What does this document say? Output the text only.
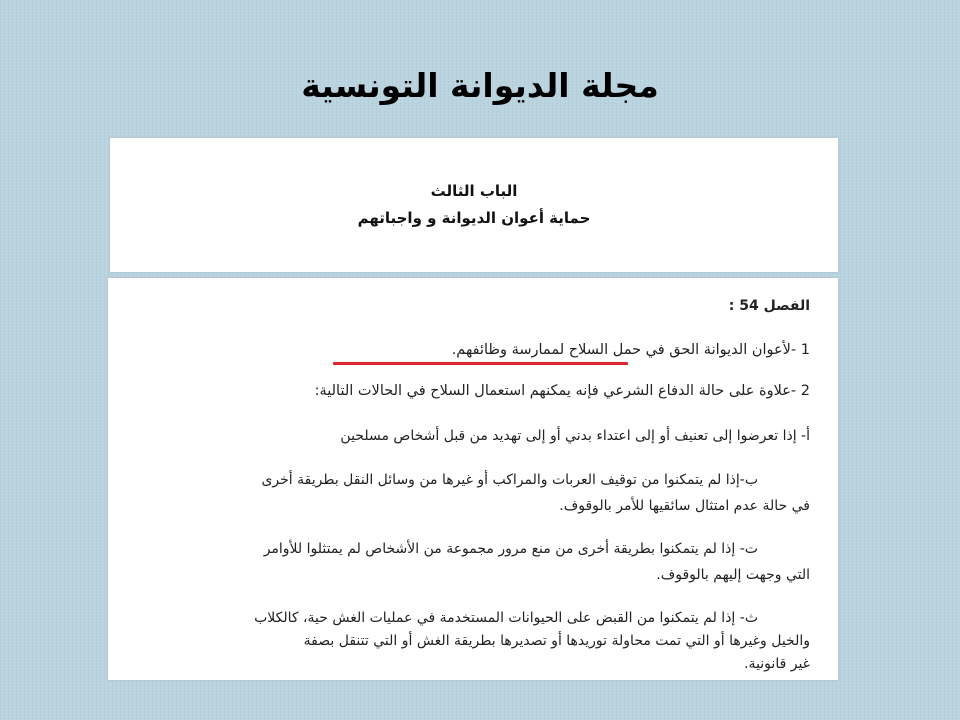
مجلة الديوانة التونسية
الباب الثالث
حماية أعوان الديوانة و واجباتهم
الفصل 54 :
1 -لأعوان الديوانة الحق في حمل السلاح لممارسة وظائفهم.
2 -علاوة على حالة الدفاع الشرعي فإنه يمكنهم استعمال السلاح في الحالات التالية:
أ- إذا تعرضوا إلى تعنيف أو إلى اعتداء بدني أو إلى تهديد من قبل أشخاص مسلحين
ب-إذا لم يتمكنوا من توقيف العربات والمراكب أو غيرها من وسائل النقل بطريقة أخرى
في حالة عدم امتثال سائقيها للأمر بالوقوف.
ت- إذا لم يتمكنوا بطريقة أخرى من منع مرور مجموعة من الأشخاص لم يمتثلوا للأوامر
التي وجهت إليهم بالوقوف.
ث- إذا لم يتمكنوا من القبض على الحيوانات المستخدمة في عمليات الغش حية، كالكلاب
والخيل وغيرها أو التي تمت محاولة توريدها أو تصديرها بطريقة الغش أو التي تتنقل بصفة
غير قانونية.
